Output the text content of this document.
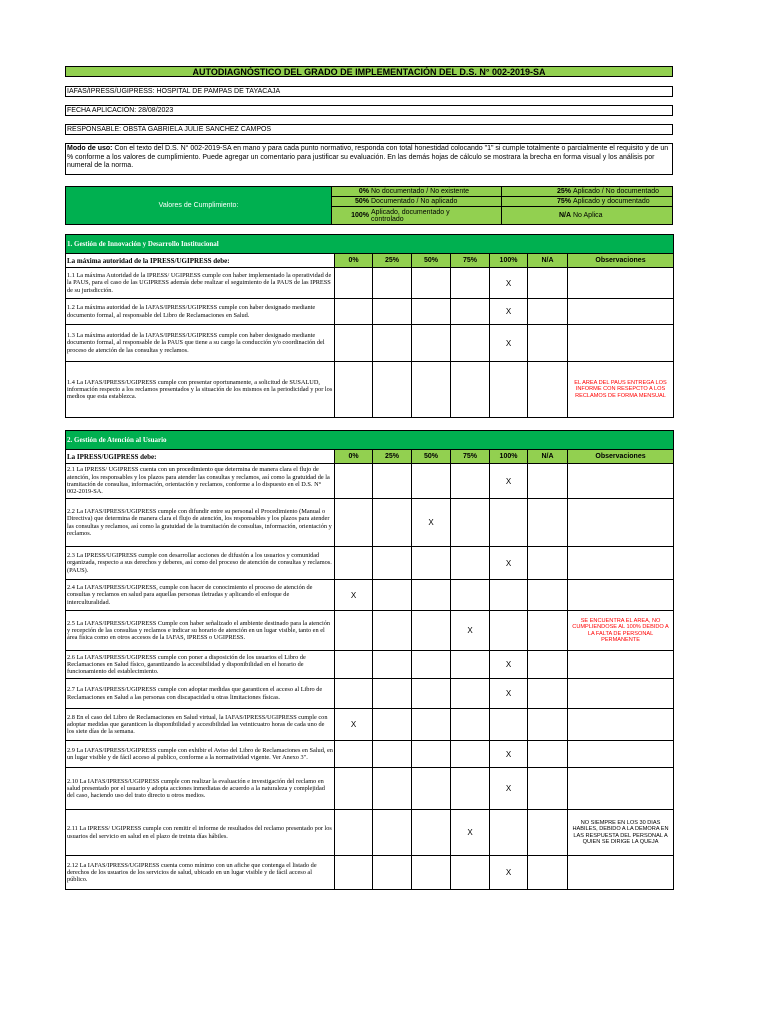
AUTODIAGNÓSTICO DEL GRADO DE IMPLEMENTACIÓN DEL D.S. N° 002-2019-SA
IAFAS/IPRESS/UGIPRESS: HOSPITAL DE PAMPAS DE TAYACAJA
FECHA APLICACIÓN: 28/08/2023
RESPONSABLE: OBSTA GABRIELA JULIE SANCHEZ CAMPOS
Modo de uso: Con el texto del D.S. N° 002-2019-SA en mano y para cada punto normativo, responda con total honestidad colocando "1" si cumple totalmente o parcialmente el requisito y de un % conforme a los valores de cumplimiento. Puede agregar un comentario para justificar su evaluación. En las demás hojas de cálculo se mostrara la brecha en forma visual y los análisis por numeral de la norma.
Valores de Cumplimiento:
0% No documentado / No existente	25% Aplicado / No documentado
50% Documentado / No aplicado	75% Aplicado y documentado
100% Aplicado, documentado y controlado	N/A No Aplica
1. Gestión de Innovación y Desarrollo Institucional							
La máxima autoridad de la IPRESS/UGIPRESS debe:	0%	25%	50%	75%	100%	N/A	Observaciones
1.1 La máxima Autoridad de la IPRESS/ UGIPRESS cumple con haber implementado la operatividad de la PAUS, para el caso de las UGIPRESS además debe realizar el seguimiento de la PAUS de las IPRESS de su jurisdicción.					X		
1.2 La máxima autoridad de la IAFAS/IPRESS/UGIPRESS cumple con haber designado mediante documento formal, al responsable del Libro de Reclamaciones en Salud.					X		
1.3 La máxima autoridad de la IAFAS/IPRESS/UGIPRESS cumple con haber designado mediante documento formal, al responsable de la PAUS que tiene a su cargo la conducción y/o coordinación del proceso de atención de las consultas y reclamos.					X		
1.4 La IAFAS/IPRESS/UGIPRESS cumple con presentar oportunamente, a solicitud de SUSALUD, información respecto a los reclamos presentados y la situación de los mismos en la periodicidad y por los medios que esta establezca.							EL AREA DEL PAUS ENTREGA LOS INFORME CON RESEPCTO A LOS RECLAMOS DE FORMA MENSUAL
2. Gestión de Atención al Usuario							
La IPRESS/UGIPRESS debe:	0%	25%	50%	75%	100%	N/A	Observaciones
2.1 La IPRESS/ UGIPRESS cuenta con un procedimiento que determina de manera clara el flujo de atención, los responsables y los plazos para atender las consultas y reclamos, así como la gratuidad de la tramitación de consultas, información, orientación y reclamos, conforme a lo dispuesto en el D.S. N° 002-2019-SA.					X		
2.2 La IAFAS/IPRESS/UGIPRESS cumple con difundir entre su personal el Procedimiento (Manual o Directiva) que determina de manera clara el flujo de atención, los responsables y los plazos para atender las consultas y reclamos, así como la gratuidad de la tramitación de consultas, información, orientación y reclamos.			X				
2.3 La IPRESS/UGIPRESS cumple con desarrollar acciones de difusión a los usuarios y comunidad organizada, respecto a sus derechos y deberes, así como del proceso de atención de consultas y reclamos. (PAUS).					X		
2.4 La IAFAS/IPRESS/UGIPRESS, cumple con hacer de conocimiento el proceso de atención de consultas y reclamos en salud para aquellas personas iletradas y aplicando el enfoque de interculturalidad.	X						
2.5 La IAFAS/IPRESS/UGIPRESS Cumple con haber señalizado el ambiente destinado para la atención y recepción de las consultas y reclamos e indicar su horario de atención en un lugar visible, tanto en el área física como en otros accesos de la IAFAS, IPRESS o UGIPRESS.				X			SE ENCUENTRA EL AREA, NO CUMPLIENDOSE AL 100% DEBIDO A LA FALTA DE PERSONAL PERMANENTE
2.6 La IAFAS/IPRESS/UGIPRESS cumple con poner a disposición de los usuarios el Libro de Reclamaciones en Salud físico, garantizando la accesibilidad y disponibilidad en el horario de funcionamiento del establecimiento.					X		
2.7 La IAFAS/IPRESS/UGIPRESS cumple con adoptar medidas que garanticen el acceso al Libro de Reclamaciones en Salud a las personas con discapacidad u otras limitaciones físicas.					X		
2.8 En el caso del Libro de Reclamaciones en Salud virtual, la IAFAS/IPRESS/UGIPRESS cumple con adoptar medidas que garanticen la disponibilidad y accesibilidad las veinticuatro horas de cada uno de los siete días de la semana.	X						
2.9 La IAFAS/IPRESS/UGIPRESS cumple con exhibir el Aviso del Libro de Reclamaciones en Salud, en un lugar visible y de fácil acceso al publico, conforme a la normatividad vigente. Ver Anexo 3".					X		
2.10 La IAFAS/IPRESS/UGIPRESS cumple con realizar la evaluación e investigación del reclamo en salud presentado por el usuario y adopta acciones inmediatas de acuerdo a la naturaleza y complejidad del caso, haciendo uso del trato directo u otros medios.					X		
2.11 La IPRESS/ UGIPRESS cumple con remitir el informe de resultados del reclamo presentado por los usuarios del servicio en salud en el plazo de treinta días hábiles.				X			NO SIEMPRE EN LOS 30 DIAS HABILES, DEBIDO A LA DEMORA EN LAS RESPUESTA DEL PERSONAL A QUIEN SE DIRIGE LA QUEJA
2.12 La IAFAS/IPRESS/UGIPRESS cuenta como mínimo con un afiche que contenga el listado de derechos de los usuarios de los servicios de salud, ubicado en un lugar visible y de fácil acceso al público.					X		
